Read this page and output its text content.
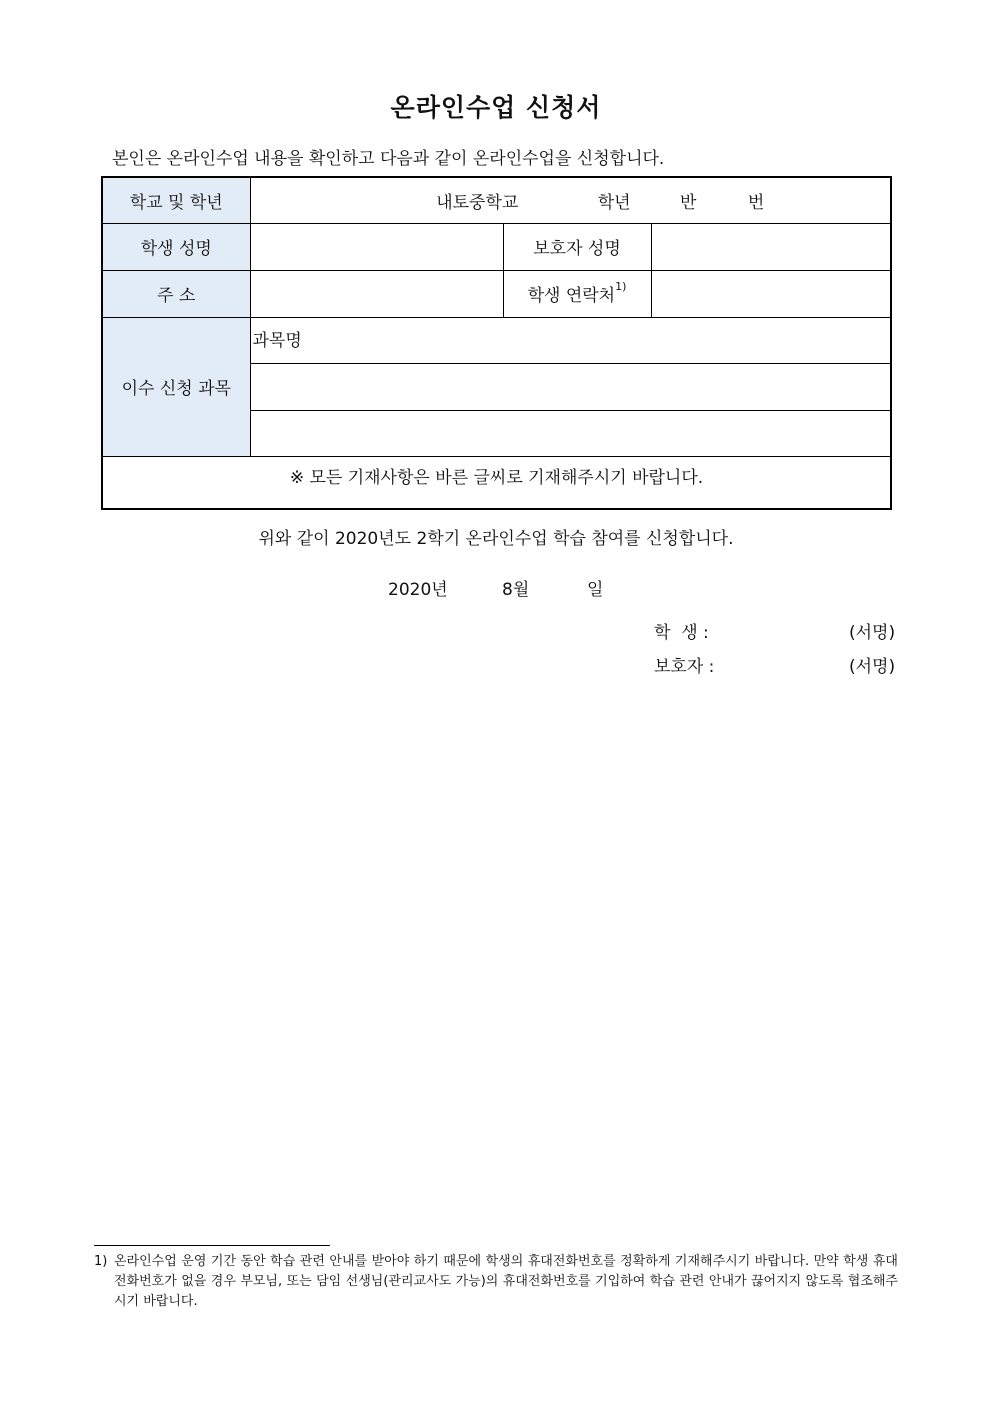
온라인수업 신청서
본인은 온라인수업 내용을 확인하고 다음과 같이 온라인수업을 신청합니다.
학교 및 학년	내토중학교 학년 반 번		
학생 성명		보호자 성명	
주 소		학생 연락처$^{1)}$	
이수 신청 과목	과목명		

※ 모든 기재사항은 바른 글씨로 기재해주시기 바랍니다.			
위와 같이 2020년도 2학기 온라인수업 학습 참여를 신청합니다.
2020년	8월	일
학  생 :	(서명)
보호자 :	(서명)
1) 온라인수업 운영 기간 동안 학습 관련 안내를 받아야 하기 때문에 학생의 휴대전화번호를 정확하게 기재해주시기 바랍니다. 만약 학생 휴대전화번호가 없을 경우 부모님, 또는 담임 선생님(관리교사도 가능)의 휴대전화번호를 기입하여 학습 관련 안내가 끊어지지 않도록 협조해주시기 바랍니다.
